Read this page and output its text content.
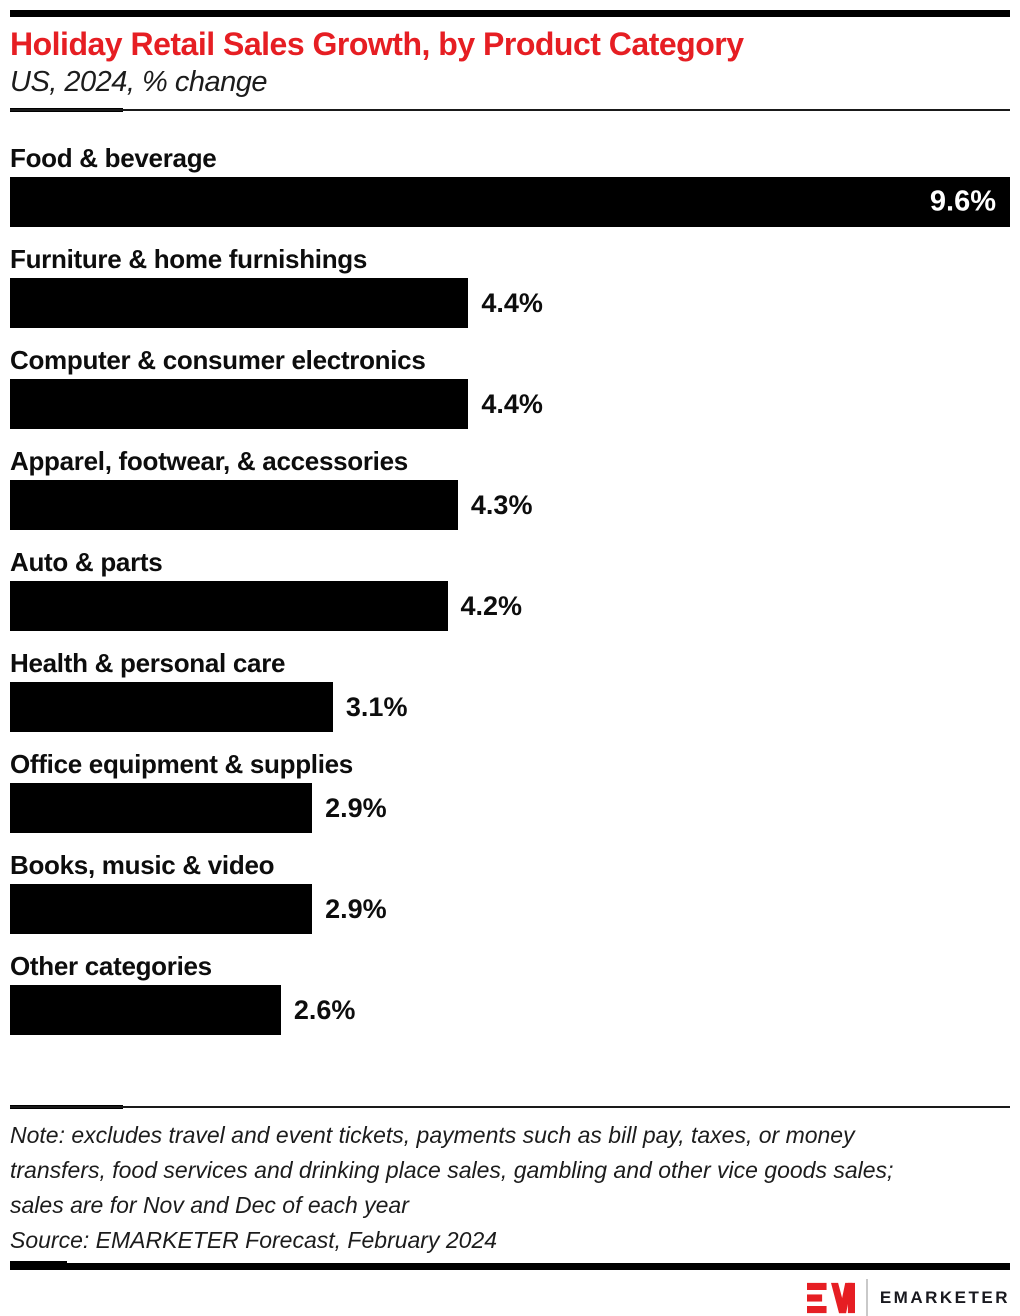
Holiday Retail Sales Growth, by Product Category
US, 2024, % change
Food & beverage
9.6%
Furniture & home furnishings
4.4%
Computer & consumer electronics
4.4%
Apparel, footwear, & accessories
4.3%
Auto & parts
4.2%
Health & personal care
3.1%
Office equipment & supplies
2.9%
Books, music & video
2.9%
Other categories
2.6%
Note: excludes travel and event tickets, payments such as bill pay, taxes, or money transfers, food services and drinking place sales, gambling and other vice goods sales; sales are for Nov and Dec of each year
Source: EMARKETER Forecast, February 2024
EMARKETER
